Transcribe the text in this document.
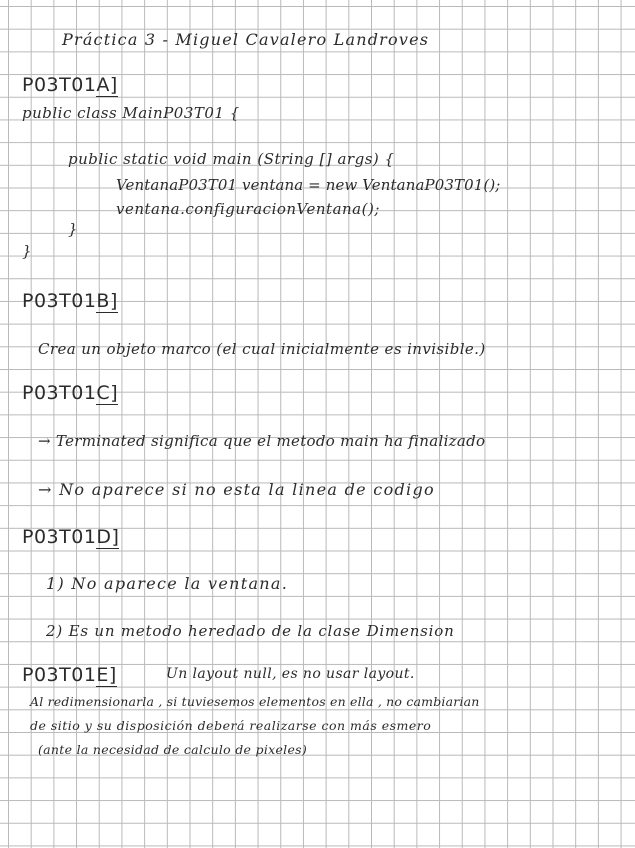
Práctica 3 - Miguel Cavalero Landroves
P03T01A]
public class MainP03T01 {
public static void main (String [] args) {
VentanaP03T01 ventana = new VentanaP03T01();
ventana.configuracionVentana();
}
}
P03T01B]
Crea un objeto marco (el cual inicialmente es invisible.)
P03T01C]
→ Terminated significa que el metodo main ha finalizado
→ No aparece si no esta la linea de codigo
P03T01D]
1) No aparece la ventana.
2) Es un metodo heredado de la clase Dimension
P03T01E]	Un layout null, es no usar layout.
Al redimensionarla , si tuviesemos elementos en ella , no cambiarian
de sitio y su disposición deberá realizarse con más esmero
(ante la necesidad de calculo de pixeles)
